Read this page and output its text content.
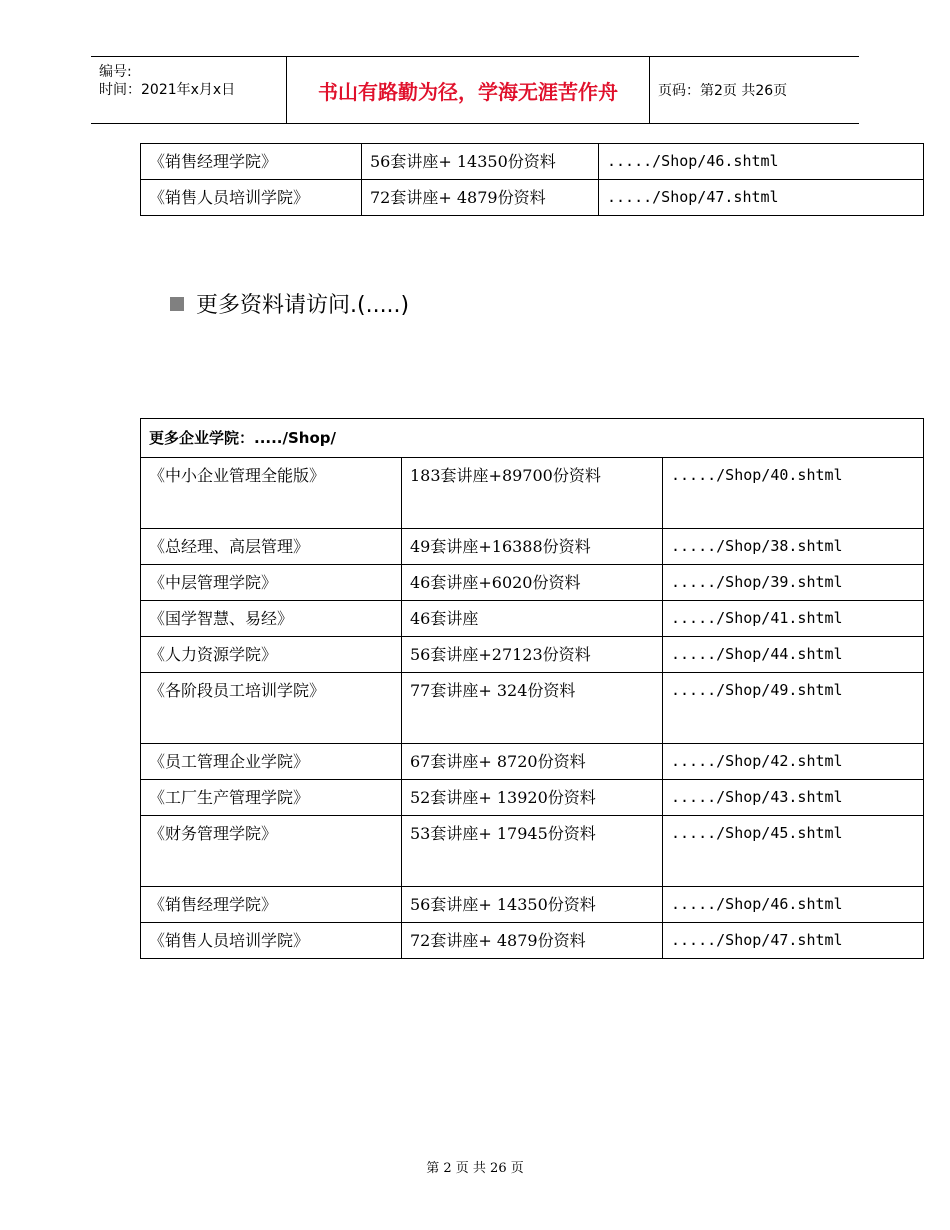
编号:
时间：2021年x月x日	书山有路勤为径，学海无涯苦作舟	页码：第2页 共26页
《销售经理学院》	56套讲座+ 14350份资料	...../Shop/46.shtml
《销售人员培训学院》	72套讲座+ 4879份资料	...../Shop/47.shtml
更多资料请访问.(.....)
更多企业学院：...../Shop/		
《中小企业管理全能版》	183套讲座+89700份资料	...../Shop/40.shtml
《总经理、高层管理》	49套讲座+16388份资料	...../Shop/38.shtml
《中层管理学院》	46套讲座+6020份资料	...../Shop/39.shtml
《国学智慧、易经》	46套讲座	...../Shop/41.shtml
《人力资源学院》	56套讲座+27123份资料	...../Shop/44.shtml
《各阶段员工培训学院》	77套讲座+ 324份资料	...../Shop/49.shtml
《员工管理企业学院》	67套讲座+ 8720份资料	...../Shop/42.shtml
《工厂生产管理学院》	52套讲座+ 13920份资料	...../Shop/43.shtml
《财务管理学院》	53套讲座+ 17945份资料	...../Shop/45.shtml
《销售经理学院》	56套讲座+ 14350份资料	...../Shop/46.shtml
《销售人员培训学院》	72套讲座+ 4879份资料	...../Shop/47.shtml
第 2 页 共 26 页
